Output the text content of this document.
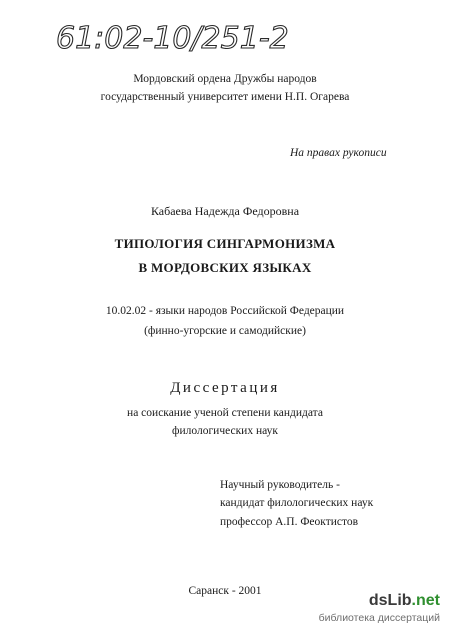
61:02-10/251-2
Мордовский ордена Дружбы народов
государственный университет имени Н.П. Огарева
На правах рукописи
Кабаева Надежда Федоровна
ТИПОЛОГИЯ СИНГАРМОНИЗМА
В МОРДОВСКИХ ЯЗЫКАХ
10.02.02 - языки народов Российской Федерации
(финно-угорские и самодийские)
Диссертация
на соискание ученой степени кандидата
филологических наук
Научный руководитель -
кандидат филологических наук
профессор А.П. Феоктистов
Саранск - 2001
dsLib.net
библиотека диссертаций
